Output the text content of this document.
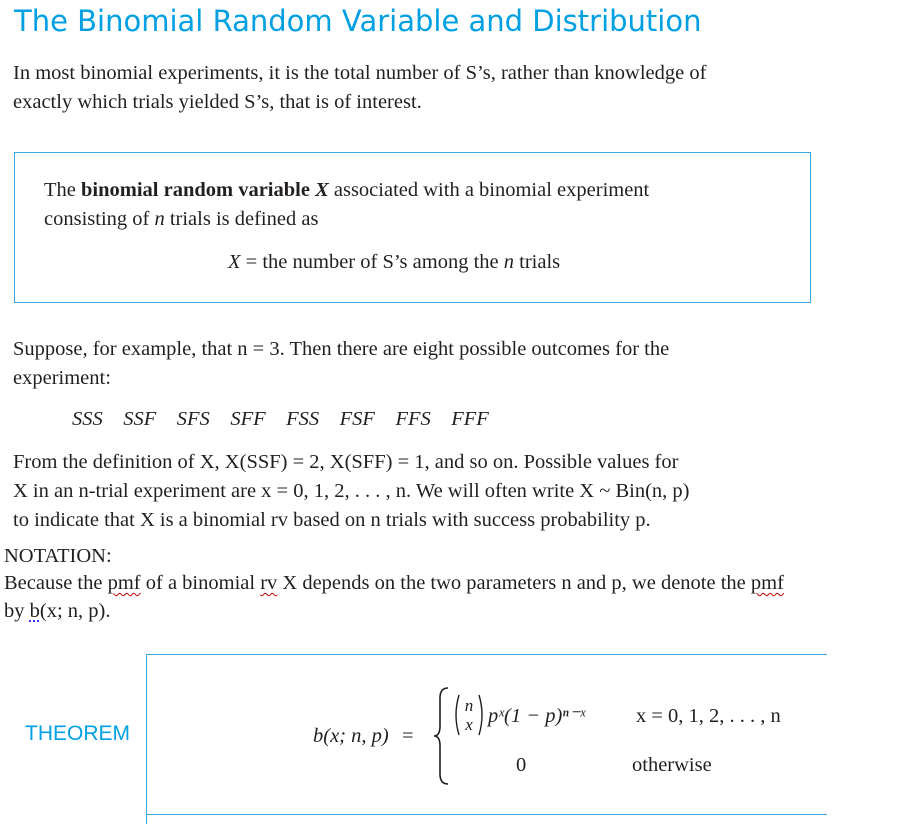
The Binomial Random Variable and Distribution
In most binomial experiments, it is the total number of S’s, rather than knowledge of
exactly which trials yielded S’s, that is of interest.
The binomial random variable X associated with a binomial experiment
consisting of n trials is defined as
X = the number of S’s among the n trials
Suppose, for example, that n = 3. Then there are eight possible outcomes for the
experiment:
SSS SSF SFS SFF FSS FSF FFS FFF
From the definition of X, X(SSF) = 2, X(SFF) = 1, and so on. Possible values for
X in an n-trial experiment are x = 0, 1, 2, . . . , n. We will often write X ~ Bin(n, p)
to indicate that X is a binomial rv based on n trials with success probability p.
NOTATION:
Because the pmf of a binomial rv X depends on the two parameters n and p, we denote the pmf
by b(x; n, p).
THEOREM	b(x; n, p) =
n
x pˣ(1 − p)ⁿ⁻ˣ x = 0, 1, 2, . . . , n
0	otherwise
